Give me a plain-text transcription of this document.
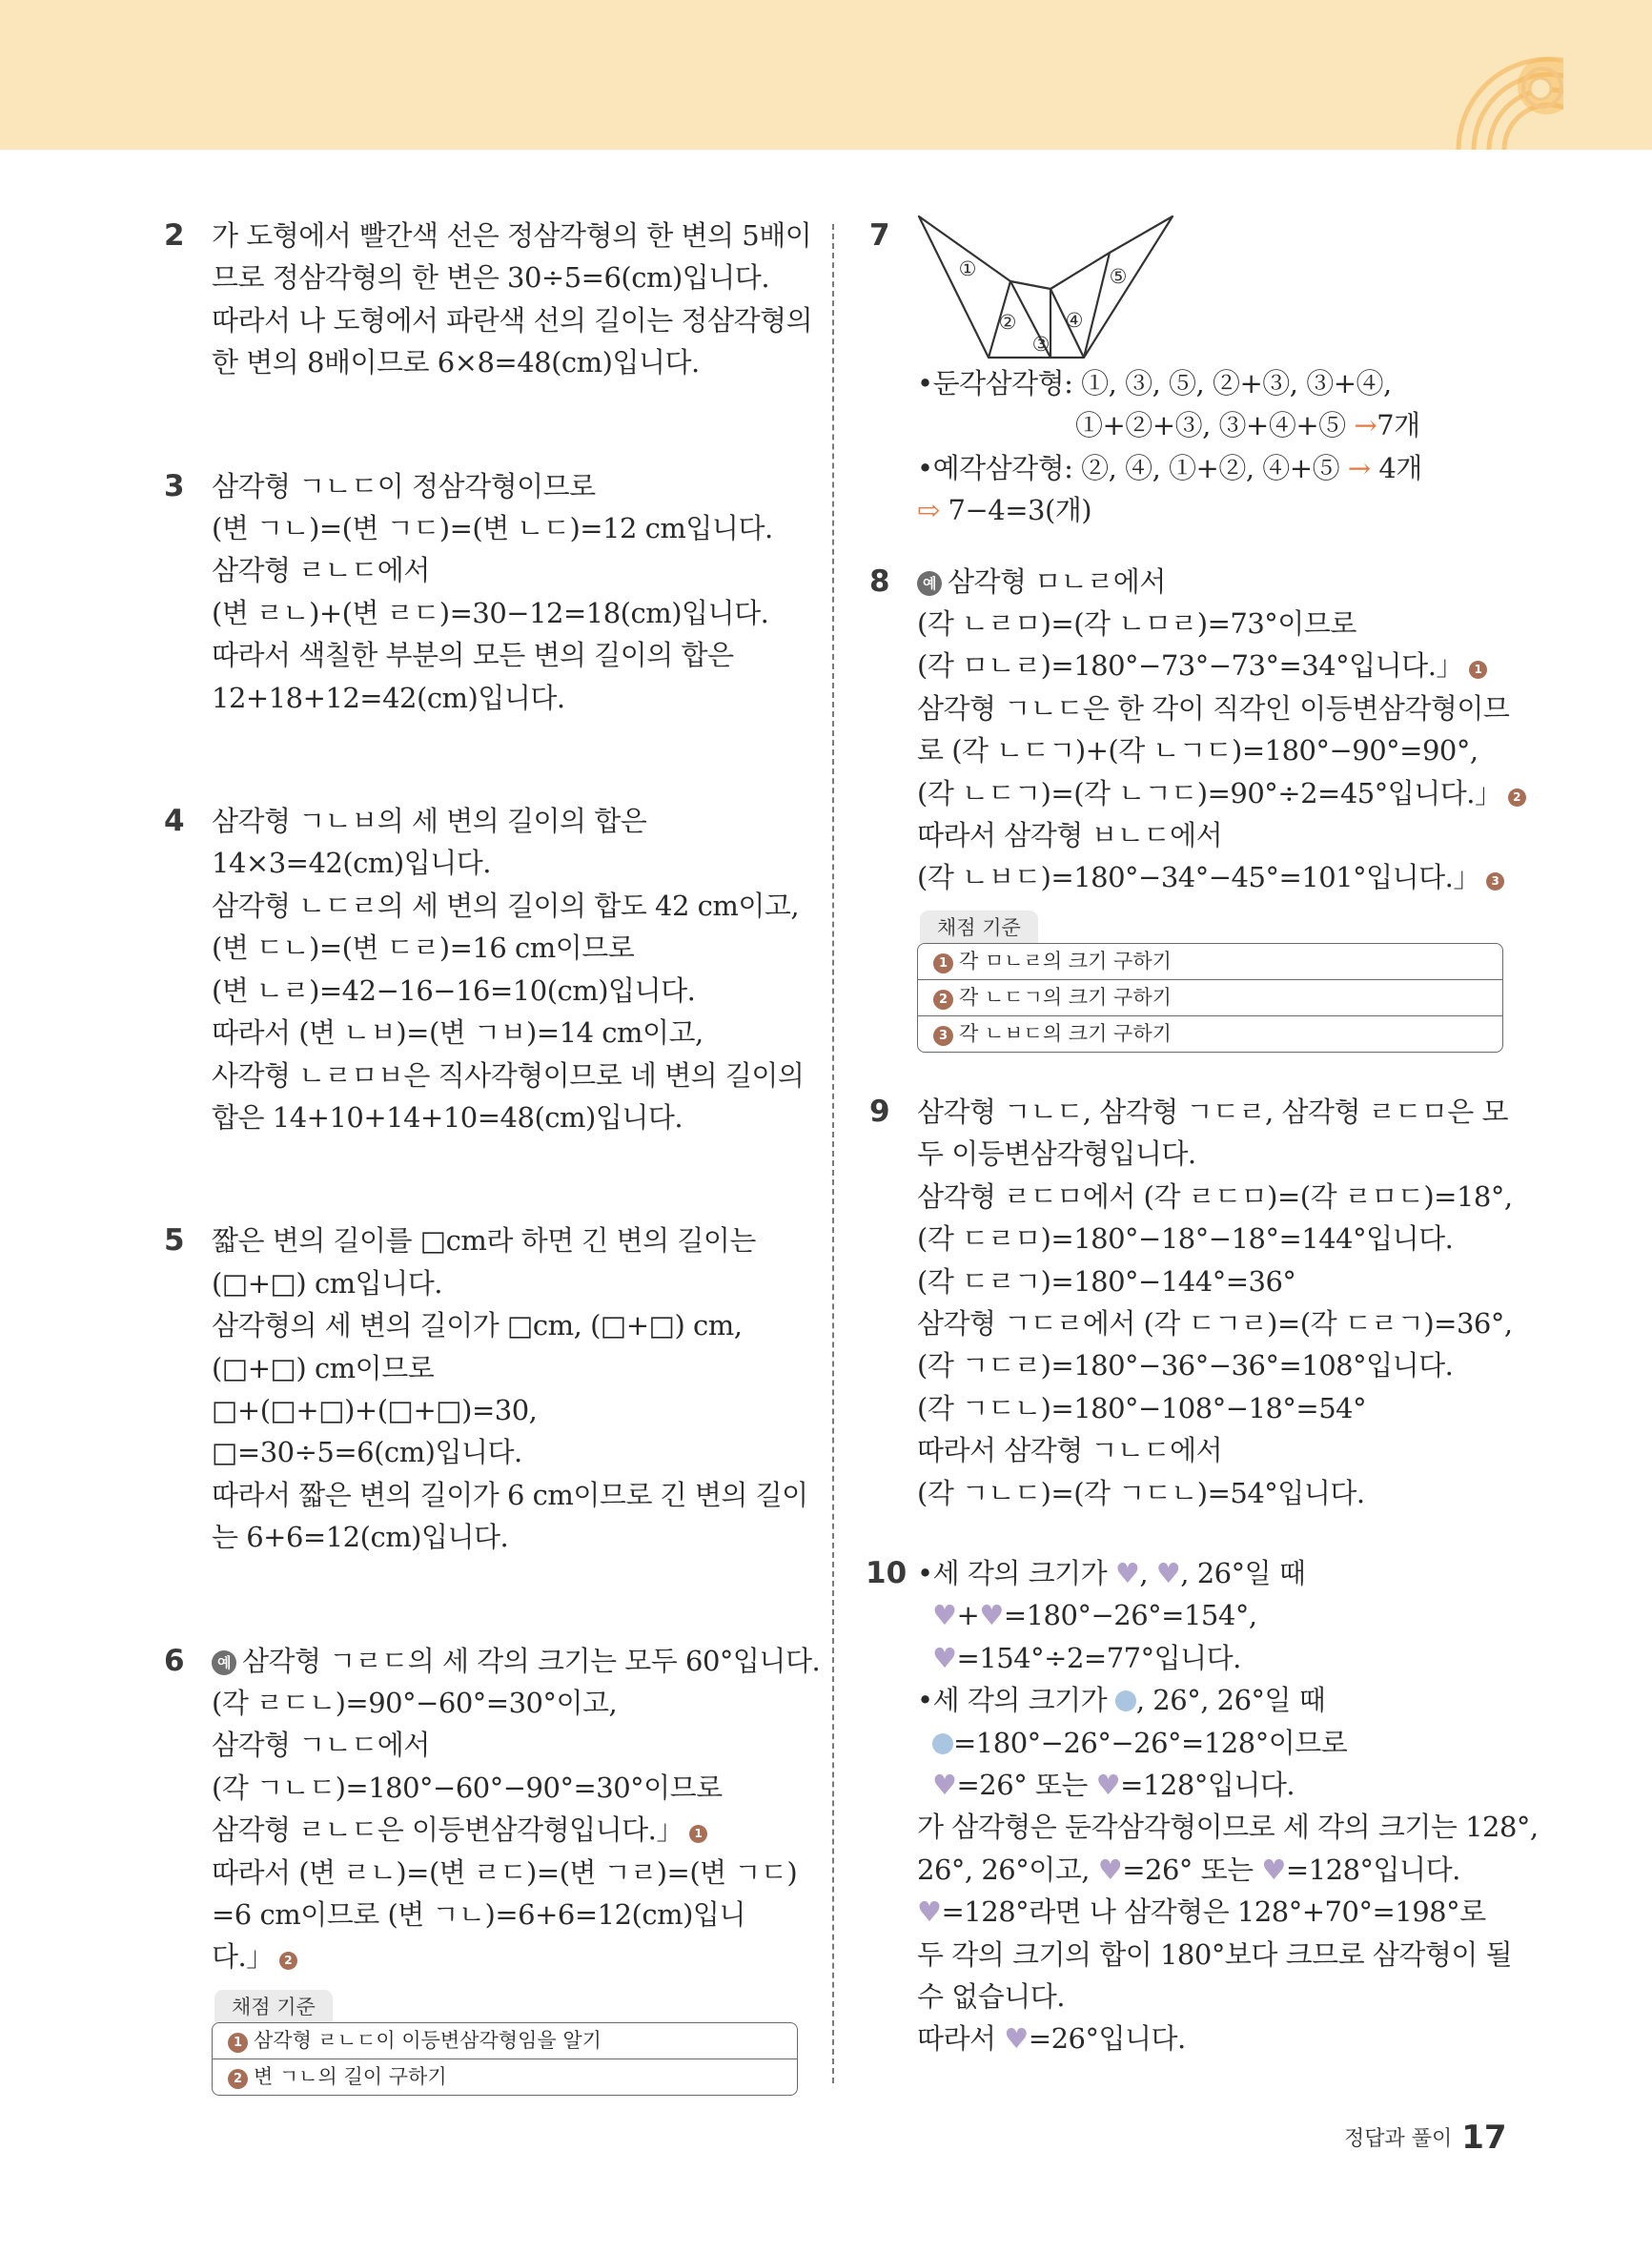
2 가 도형에서 빨간색 선은 정삼각형의 한 변의 5배이
므로 정삼각형의 한 변은 30÷5=6(cm)입니다.
따라서 나 도형에서 파란색 선의 길이는 정삼각형의
한 변의 8배이므로 6×8=48(cm)입니다.
3 삼각형 ㄱㄴㄷ이 정삼각형이므로
(변 ㄱㄴ)=(변 ㄱㄷ)=(변 ㄴㄷ)=12 cm입니다.
삼각형 ㄹㄴㄷ에서
(변 ㄹㄴ)+(변 ㄹㄷ)=30−12=18(cm)입니다.
따라서 색칠한 부분의 모든 변의 길이의 합은
12+18+12=42(cm)입니다.
4 삼각형 ㄱㄴㅂ의 세 변의 길이의 합은
14×3=42(cm)입니다.
삼각형 ㄴㄷㄹ의 세 변의 길이의 합도 42 cm이고,
(변 ㄷㄴ)=(변 ㄷㄹ)=16 cm이므로
(변 ㄴㄹ)=42−16−16=10(cm)입니다.
따라서 (변 ㄴㅂ)=(변 ㄱㅂ)=14 cm이고,
사각형 ㄴㄹㅁㅂ은 직사각형이므로 네 변의 길이의
합은 14+10+14+10=48(cm)입니다.
5 짧은 변의 길이를 □cm라 하면 긴 변의 길이는
(□+□) cm입니다.
삼각형의 세 변의 길이가 □cm, (□+□) cm,
(□+□) cm이므로
□+(□+□)+(□+□)=30,
□=30÷5=6(cm)입니다.
따라서 짧은 변의 길이가 6 cm이므로 긴 변의 길이
는 6+6=12(cm)입니다.
6	예 삼각형 ㄱㄹㄷ의 세 각의 크기는 모두 60°입니다.
(각 ㄹㄷㄴ)=90°−60°=30°이고,
삼각형 ㄱㄴㄷ에서
(각 ㄱㄴㄷ)=180°−60°−90°=30°이므로
삼각형 ㄹㄴㄷ은 이등변삼각형입니다.」 1
따라서 (변 ㄹㄴ)=(변 ㄹㄷ)=(변 ㄱㄹ)=(변 ㄱㄷ)
=6 cm이므로 (변 ㄱㄴ)=6+6=12(cm)입니
다.」 2
채점 기준
1 삼각형 ㄹㄴㄷ이 이등변삼각형임을 알기
2 변 ㄱㄴ의 길이 구하기
7
①
②
③
④
⑤
•둔각삼각형: ①, ③, ⑤, ②+③, ③+④,
①+②+③, ③+④+⑤ →7개
•예각삼각형: ②, ④, ①+②, ④+⑤ → 4개
⇨ 7−4=3(개)
8	예 삼각형 ㅁㄴㄹ에서
(각 ㄴㄹㅁ)=(각 ㄴㅁㄹ)=73°이므로
(각 ㅁㄴㄹ)=180°−73°−73°=34°입니다.」 1
삼각형 ㄱㄴㄷ은 한 각이 직각인 이등변삼각형이므
로 (각 ㄴㄷㄱ)+(각 ㄴㄱㄷ)=180°−90°=90°,
(각 ㄴㄷㄱ)=(각 ㄴㄱㄷ)=90°÷2=45°입니다.」 2
따라서 삼각형 ㅂㄴㄷ에서
(각 ㄴㅂㄷ)=180°−34°−45°=101°입니다.」 3
채점 기준
1 각 ㅁㄴㄹ의 크기 구하기
2 각 ㄴㄷㄱ의 크기 구하기
3 각 ㄴㅂㄷ의 크기 구하기
9 삼각형 ㄱㄴㄷ, 삼각형 ㄱㄷㄹ, 삼각형 ㄹㄷㅁ은 모
두 이등변삼각형입니다.
삼각형 ㄹㄷㅁ에서 (각 ㄹㄷㅁ)=(각 ㄹㅁㄷ)=18°,
(각 ㄷㄹㅁ)=180°−18°−18°=144°입니다.
(각 ㄷㄹㄱ)=180°−144°=36°
삼각형 ㄱㄷㄹ에서 (각 ㄷㄱㄹ)=(각 ㄷㄹㄱ)=36°,
(각 ㄱㄷㄹ)=180°−36°−36°=108°입니다.
(각 ㄱㄷㄴ)=180°−108°−18°=54°
따라서 삼각형 ㄱㄴㄷ에서
(각 ㄱㄴㄷ)=(각 ㄱㄷㄴ)=54°입니다.
10 •세 각의 크기가 ♥, ♥, 26°일 때
♥+♥=180°−26°=154°,
♥=154°÷2=77°입니다.
•세 각의 크기가 , 26°, 26°일 때
=180°−26°−26°=128°이므로
♥=26° 또는 ♥=128°입니다.
가 삼각형은 둔각삼각형이므로 세 각의 크기는 128°,
26°, 26°이고, ♥=26° 또는 ♥=128°입니다.
♥=128°라면 나 삼각형은 128°+70°=198°로
두 각의 크기의 합이 180°보다 크므로 삼각형이 될
수 없습니다.
따라서 ♥=26°입니다.
정답과 풀이 17
